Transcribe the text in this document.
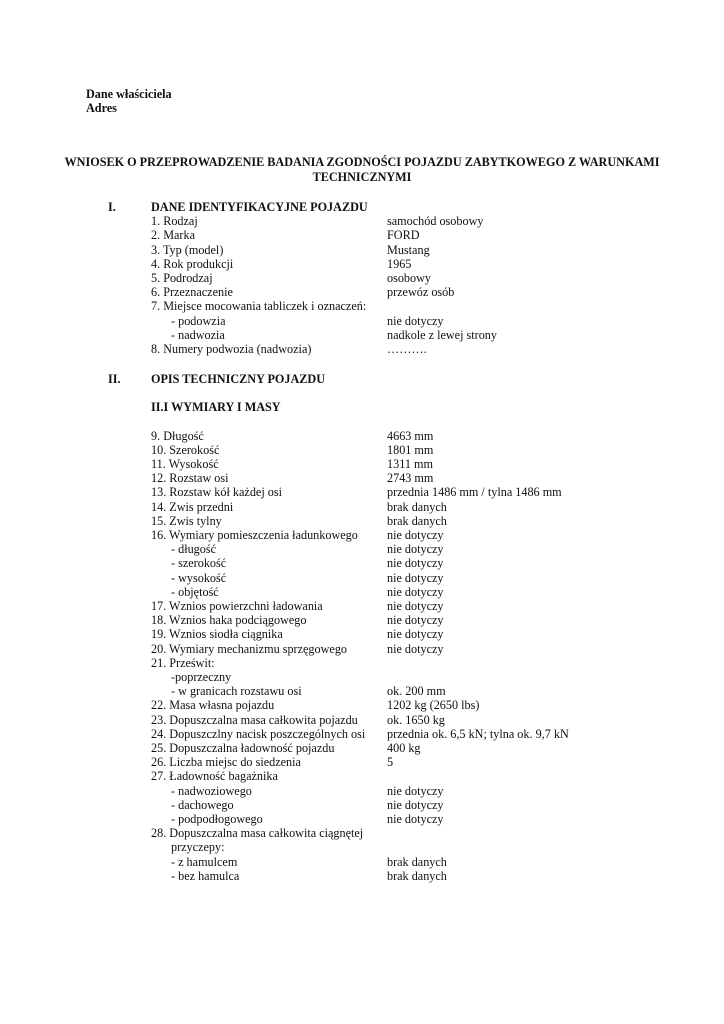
Dane właściciela
Adres
WNIOSEK O PRZEPROWADZENIE BADANIA ZGODNOŚCI POJAZDU ZABYTKOWEGO Z WARUNKAMI
TECHNICZNYMI
I.	DANE IDENTYFIKACYJNE POJAZDU
1. Rodzaj	samochód osobowy
2. Marka	FORD
3. Typ (model)	Mustang
4. Rok produkcji	1965
5. Podrodzaj	osobowy
6. Przeznaczenie	przewóz osób
7. Miejsce mocowania tabliczek i oznaczeń:
- podowzia	nie dotyczy
- nadwozia	nadkole z lewej strony
8. Numery podwozia (nadwozia)	……….
II. OPIS TECHNICZNY POJAZDU
II.I WYMIARY I MASY
9. Długość	4663 mm
10. Szerokość	1801 mm
11. Wysokość	1311 mm
12. Rozstaw osi	2743 mm
13. Rozstaw kół każdej osi	przednia 1486 mm / tylna 1486 mm
14. Zwis przedni	brak danych
15. Zwis tylny	brak danych
16. Wymiary pomieszczenia ładunkowego nie dotyczy
- długość	nie dotyczy
- szerokość	nie dotyczy
- wysokość	nie dotyczy
- objętość	nie dotyczy
17. Wznios powierzchni ładowania	nie dotyczy
18. Wznios haka podciągowego	nie dotyczy
19. Wznios siodła ciągnika	nie dotyczy
20. Wymiary mechanizmu sprzęgowego	nie dotyczy
21. Prześwit:
-poprzeczny
- w granicach rozstawu osi	ok. 200 mm
22. Masa własna pojazdu	1202 kg (2650 lbs)
23. Dopuszczalna masa całkowita pojazdu ok. 1650 kg
24. Dopuszczlny nacisk poszczególnych osi przednia ok. 6,5 kN; tylna ok. 9,7 kN
25. Dopuszczalna ładowność pojazdu	400 kg
26. Liczba miejsc do siedzenia	5
27. Ładowność bagażnika
- nadwoziowego	nie dotyczy
- dachowego	nie dotyczy
- podpodłogowego	nie dotyczy
28. Dopuszczalna masa całkowita ciągnętej
przyczepy:
- z hamulcem	brak danych
- bez hamulca	brak danych
